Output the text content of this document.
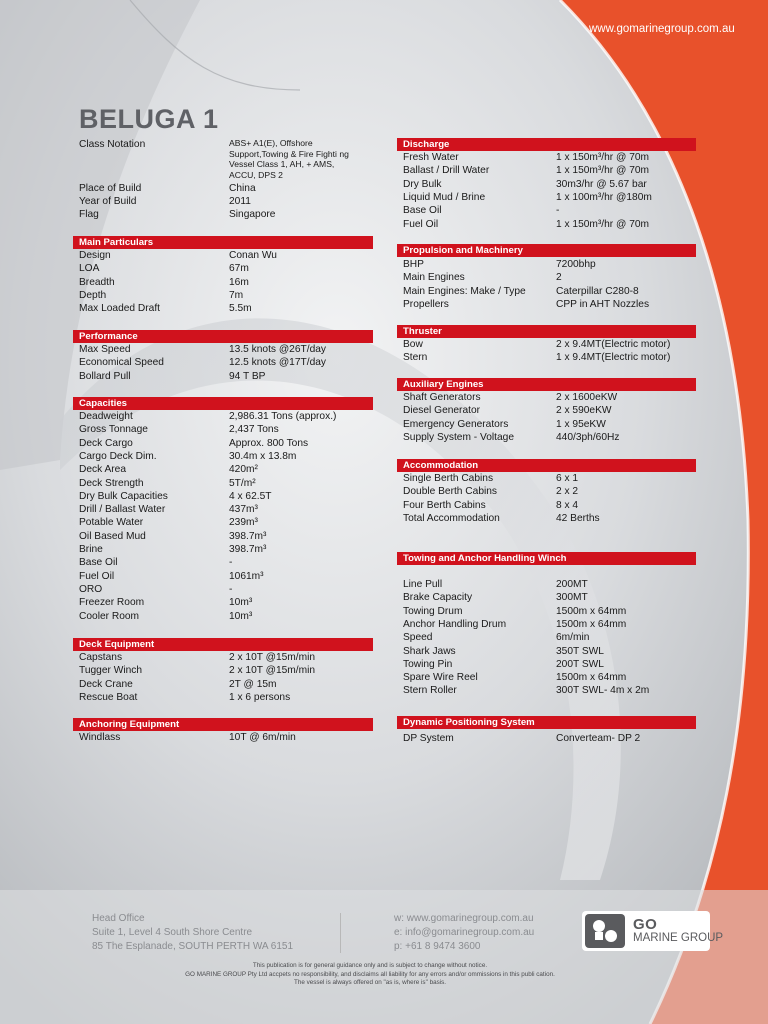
www.gomarinegroup.com.au
BELUGA 1
Class Notation	ABS+ A1(E), Offshore Support,Towing & Fire Fighti ng Vessel Class 1, AH, + AMS, ACCU, DPS 2
Place of Build	China
Year of Build	2011
Flag	Singapore
Main Particulars
Design	Conan Wu
LOA	67m
Breadth	16m
Depth	7m
Max Loaded Draft	5.5m
Performance
Max Speed	13.5 knots @26T/day
Economical Speed	12.5 knots @17T/day
Bollard Pull	94 T BP
Capacities
Deadweight	2,986.31 Tons (approx.)
Gross Tonnage	2,437 Tons
Deck Cargo	Approx. 800 Tons
Cargo Deck Dim.	30.4m x 13.8m
Deck Area	420m²
Deck Strength	5T/m²
Dry Bulk Capacities	4 x 62.5T
Drill / Ballast Water	437m³
Potable Water	239m³
Oil Based Mud	398.7m³
Brine	398.7m³
Base Oil	-
Fuel Oil	1061m³
ORO	-
Freezer Room	10m³
Cooler Room	10m³
Deck Equipment
Capstans	2 x 10T @15m/min
Tugger Winch	2 x 10T @15m/min
Deck Crane	2T @ 15m
Rescue Boat	1 x 6 persons
Anchoring Equipment
Windlass	10T @ 6m/min
Discharge
Fresh Water	1 x 150m³/hr @ 70m
Ballast / Drill Water	1 x 150m³/hr @ 70m
Dry Bulk	30m3/hr @ 5.67 bar
Liquid Mud / Brine	1 x 100m³/hr @180m
Base Oil	-
Fuel Oil	1 x 150m³/hr @ 70m
Propulsion and Machinery
BHP	7200bhp
Main Engines	2
Main Engines: Make / Type	Caterpillar C280-8
Propellers	CPP in AHT Nozzles
Thruster
Bow	2 x 9.4MT(Electric motor)
Stern	1 x 9.4MT(Electric motor)
Auxiliary Engines
Shaft Generators	2 x 1600eKW
Diesel Generator	2 x 590eKW
Emergency Generators	1 x 95eKW
Supply System - Voltage	440/3ph/60Hz
Accommodation
Single Berth Cabins	6 x 1
Double Berth Cabins	2 x 2
Four Berth Cabins	8 x 4
Total Accommodation	42 Berths
Towing and Anchor Handling Winch
Line Pull	200MT
Brake Capacity	300MT
Towing Drum	1500m x 64mm
Anchor Handling Drum	1500m x 64mm
Speed	6m/min
Shark Jaws	350T SWL
Towing Pin	200T SWL
Spare Wire Reel	1500m x 64mm
Stern Roller	300T SWL- 4m x 2m
Dynamic Positioning System
DP System	Converteam- DP 2
Head Office
Suite 1, Level 4 South Shore Centre
85 The Esplanade, SOUTH PERTH WA 6151
w: www.gomarinegroup.com.au
e: info@gomarinegroup.com.au
p: +61 8 9474 3600
GO
MARINE GROUP
This publication is for general guidance only and is subject to change without notice.
GO MARINE GROUP Pty Ltd accpets no responsibility, and disclaims all liability for any errors and/or ommissions in this publi cation.
The vessel is always offered on "as is, where is" basis.
